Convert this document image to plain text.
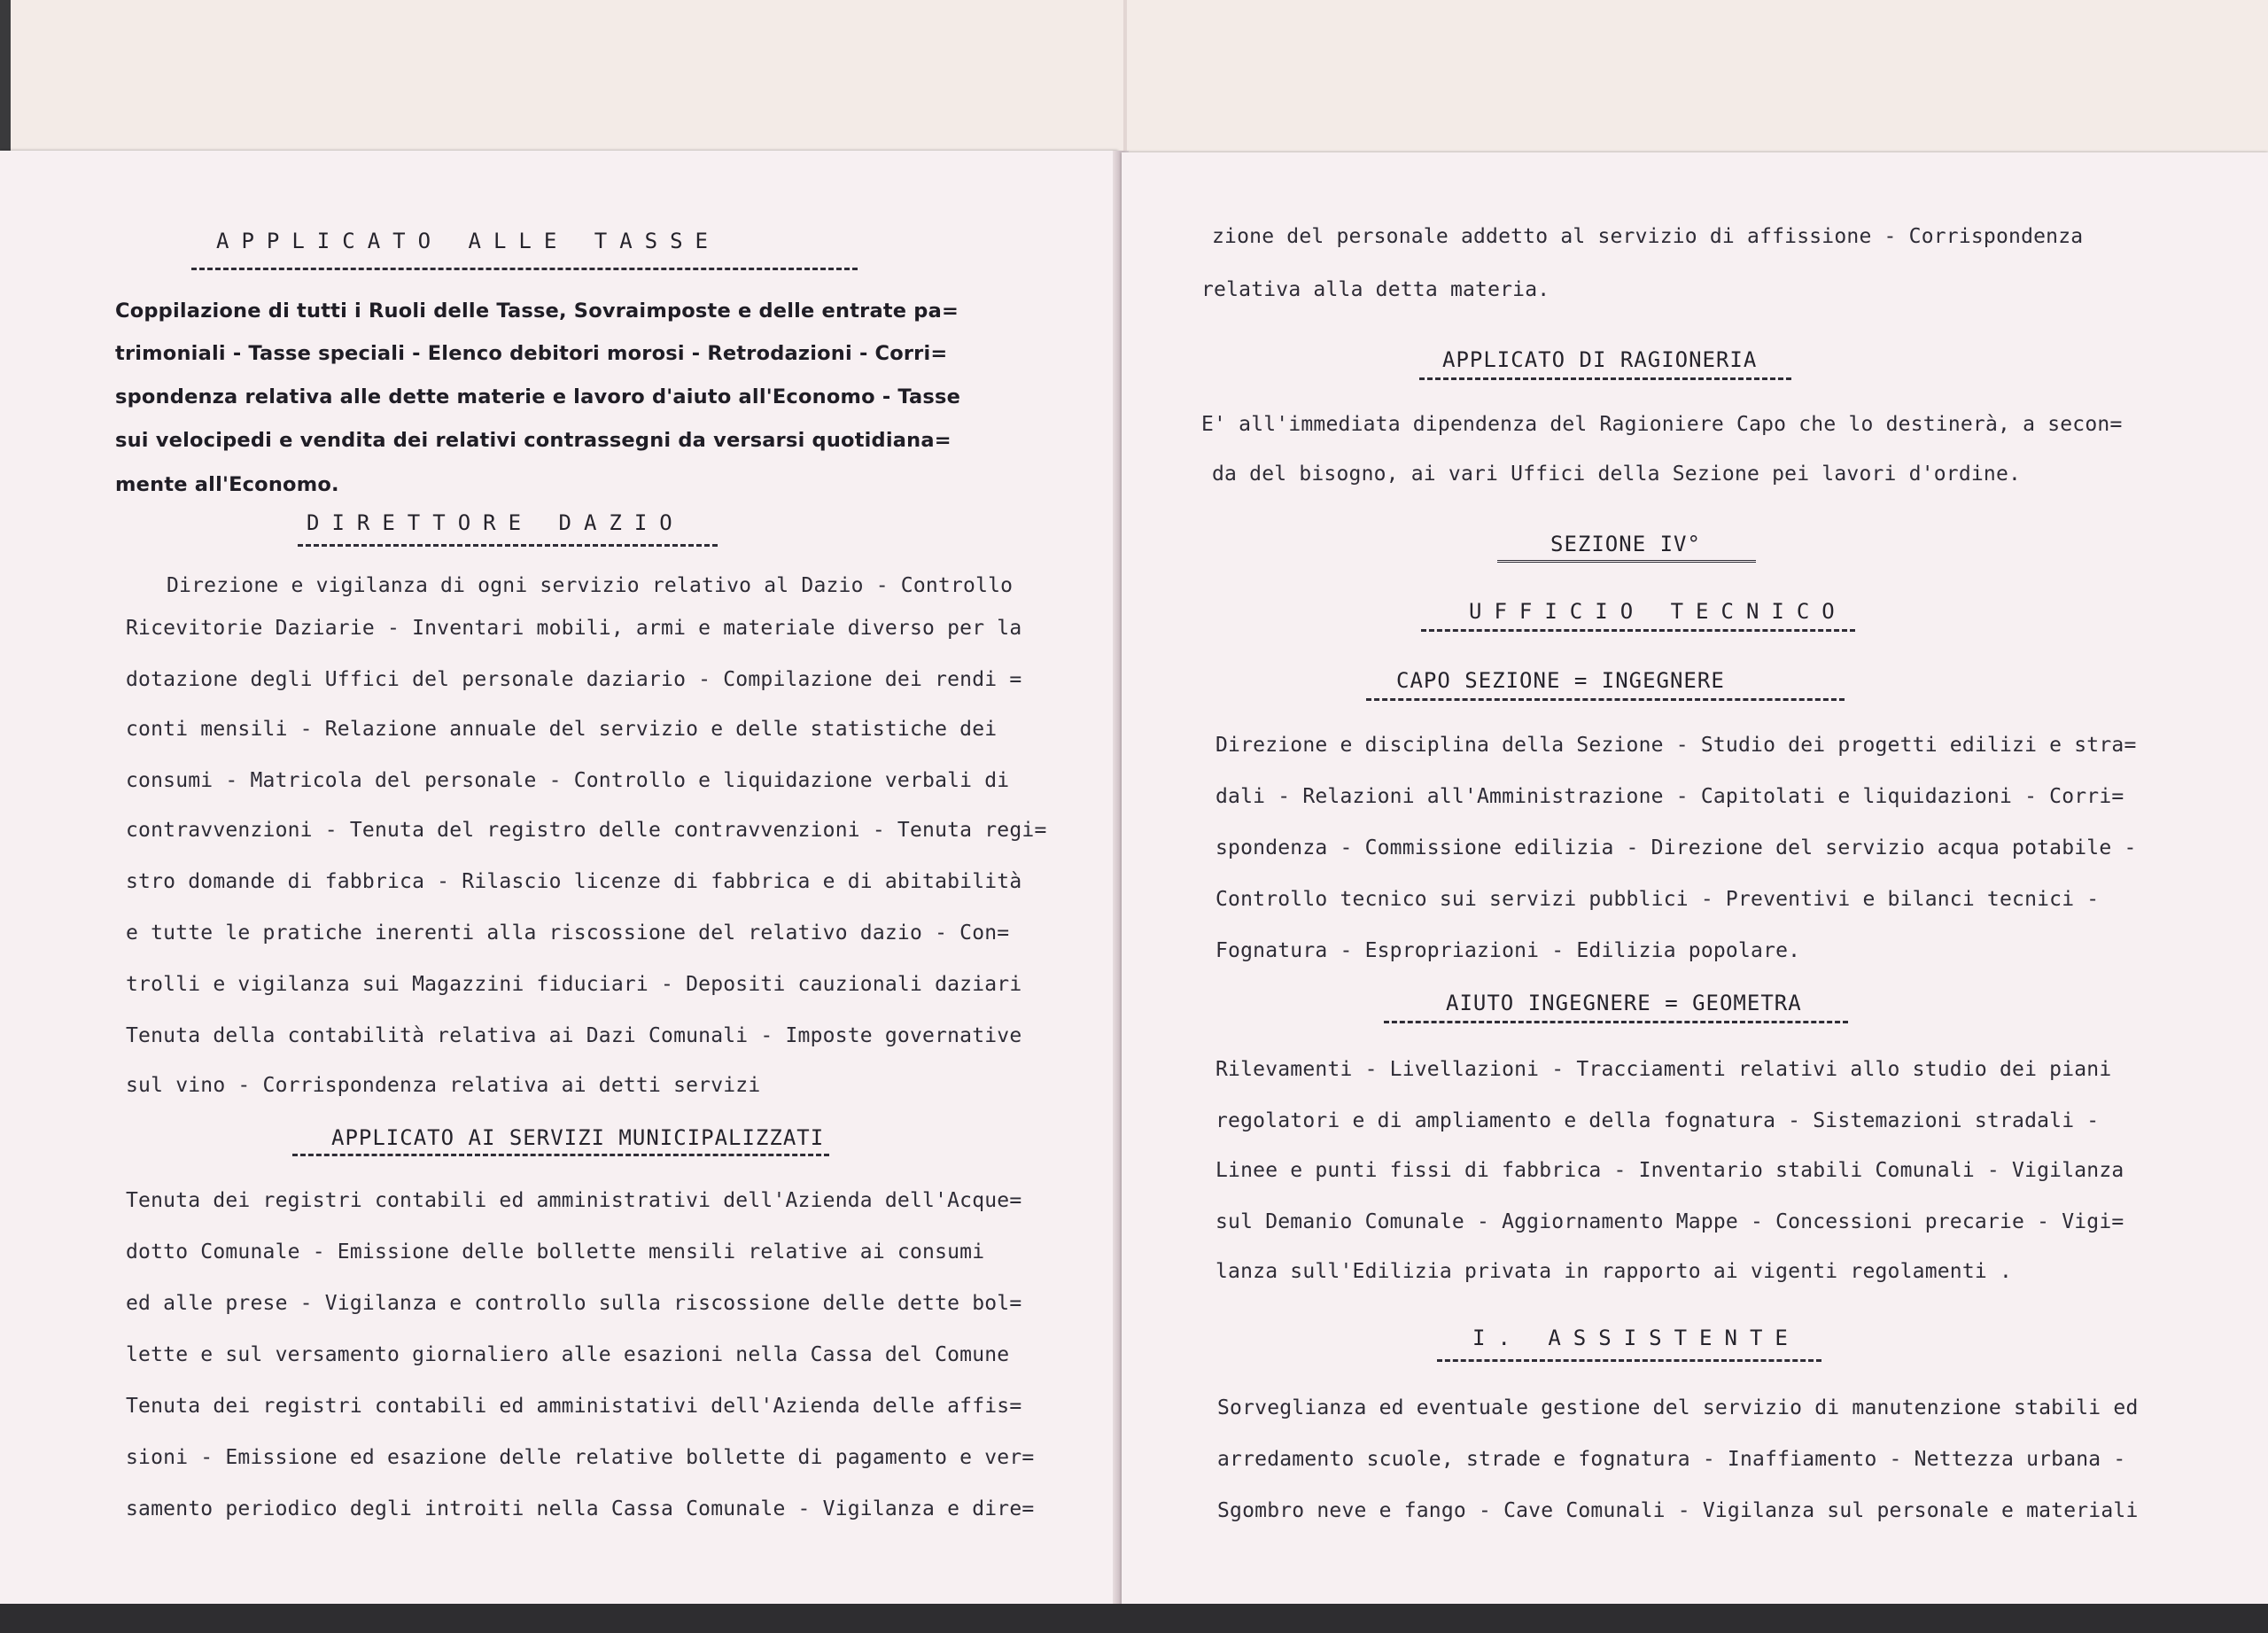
APPLICATO ALLE TASSE
Coppilazione di tutti i Ruoli delle Tasse, Sovraimposte e delle entrate pa=
trimoniali - Tasse speciali - Elenco debitori morosi - Retrodazioni - Corri=
spondenza relativa alle dette materie e lavoro d'aiuto all'Economo - Tasse
sui velocipedi e vendita dei relativi contrassegni da versarsi quotidiana=
mente all'Economo.
DIRETTORE DAZIO
Direzione e vigilanza di ogni servizio relativo al Dazio - Controllo
Ricevitorie Daziarie - Inventari mobili, armi e materiale diverso per la
dotazione degli Uffici del personale daziario - Compilazione dei rendi =
conti mensili - Relazione annuale del servizio e delle statistiche dei
consumi - Matricola del personale - Controllo e liquidazione verbali di
contravvenzioni - Tenuta del registro delle contravvenzioni - Tenuta regi=
stro domande di fabbrica - Rilascio licenze di fabbrica e di abitabilità
e tutte le pratiche inerenti alla riscossione del relativo dazio - Con=
trolli e vigilanza sui Magazzini fiduciari - Depositi cauzionali daziari
Tenuta della contabilità relativa ai Dazi Comunali - Imposte governative
sul vino - Corrispondenza relativa ai detti servizi
APPLICATO AI SERVIZI MUNICIPALIZZATI
Tenuta dei registri contabili ed amministrativi dell'Azienda dell'Acque=
dotto Comunale - Emissione delle bollette mensili relative ai consumi
ed alle prese - Vigilanza e controllo sulla riscossione delle dette bol=
lette e sul versamento giornaliero alle esazioni nella Cassa del Comune
Tenuta dei registri contabili ed amministativi dell'Azienda delle affis=
sioni - Emissione ed esazione delle relative bollette di pagamento e ver=
samento periodico degli introiti nella Cassa Comunale - Vigilanza e dire=
zione del personale addetto al servizio di affissione - Corrispondenza
relativa alla detta materia.
APPLICATO DI RAGIONERIA
E' all'immediata dipendenza del Ragioniere Capo che lo destinerà, a secon=
da del bisogno, ai vari Uffici della Sezione pei lavori d'ordine.
SEZIONE IV°
UFFICIO TECNICO
CAPO SEZIONE = INGEGNERE
Direzione e disciplina della Sezione - Studio dei progetti edilizi e stra=
dali - Relazioni all'Amministrazione - Capitolati e liquidazioni - Corri=
spondenza - Commissione edilizia - Direzione del servizio acqua potabile -
Controllo tecnico sui servizi pubblici - Preventivi e bilanci tecnici -
Fognatura - Espropriazioni - Edilizia popolare.
AIUTO INGEGNERE = GEOMETRA
Rilevamenti - Livellazioni - Tracciamenti relativi allo studio dei piani
regolatori e di ampliamento e della fognatura - Sistemazioni stradali -
Linee e punti fissi di fabbrica - Inventario stabili Comunali - Vigilanza
sul Demanio Comunale - Aggiornamento Mappe - Concessioni precarie - Vigi=
lanza sull'Edilizia privata in rapporto ai vigenti regolamenti .
I. ASSISTENTE
Sorveglianza ed eventuale gestione del servizio di manutenzione stabili ed
arredamento scuole, strade e fognatura - Inaffiamento - Nettezza urbana -
Sgombro neve e fango - Cave Comunali - Vigilanza sul personale e materiali
